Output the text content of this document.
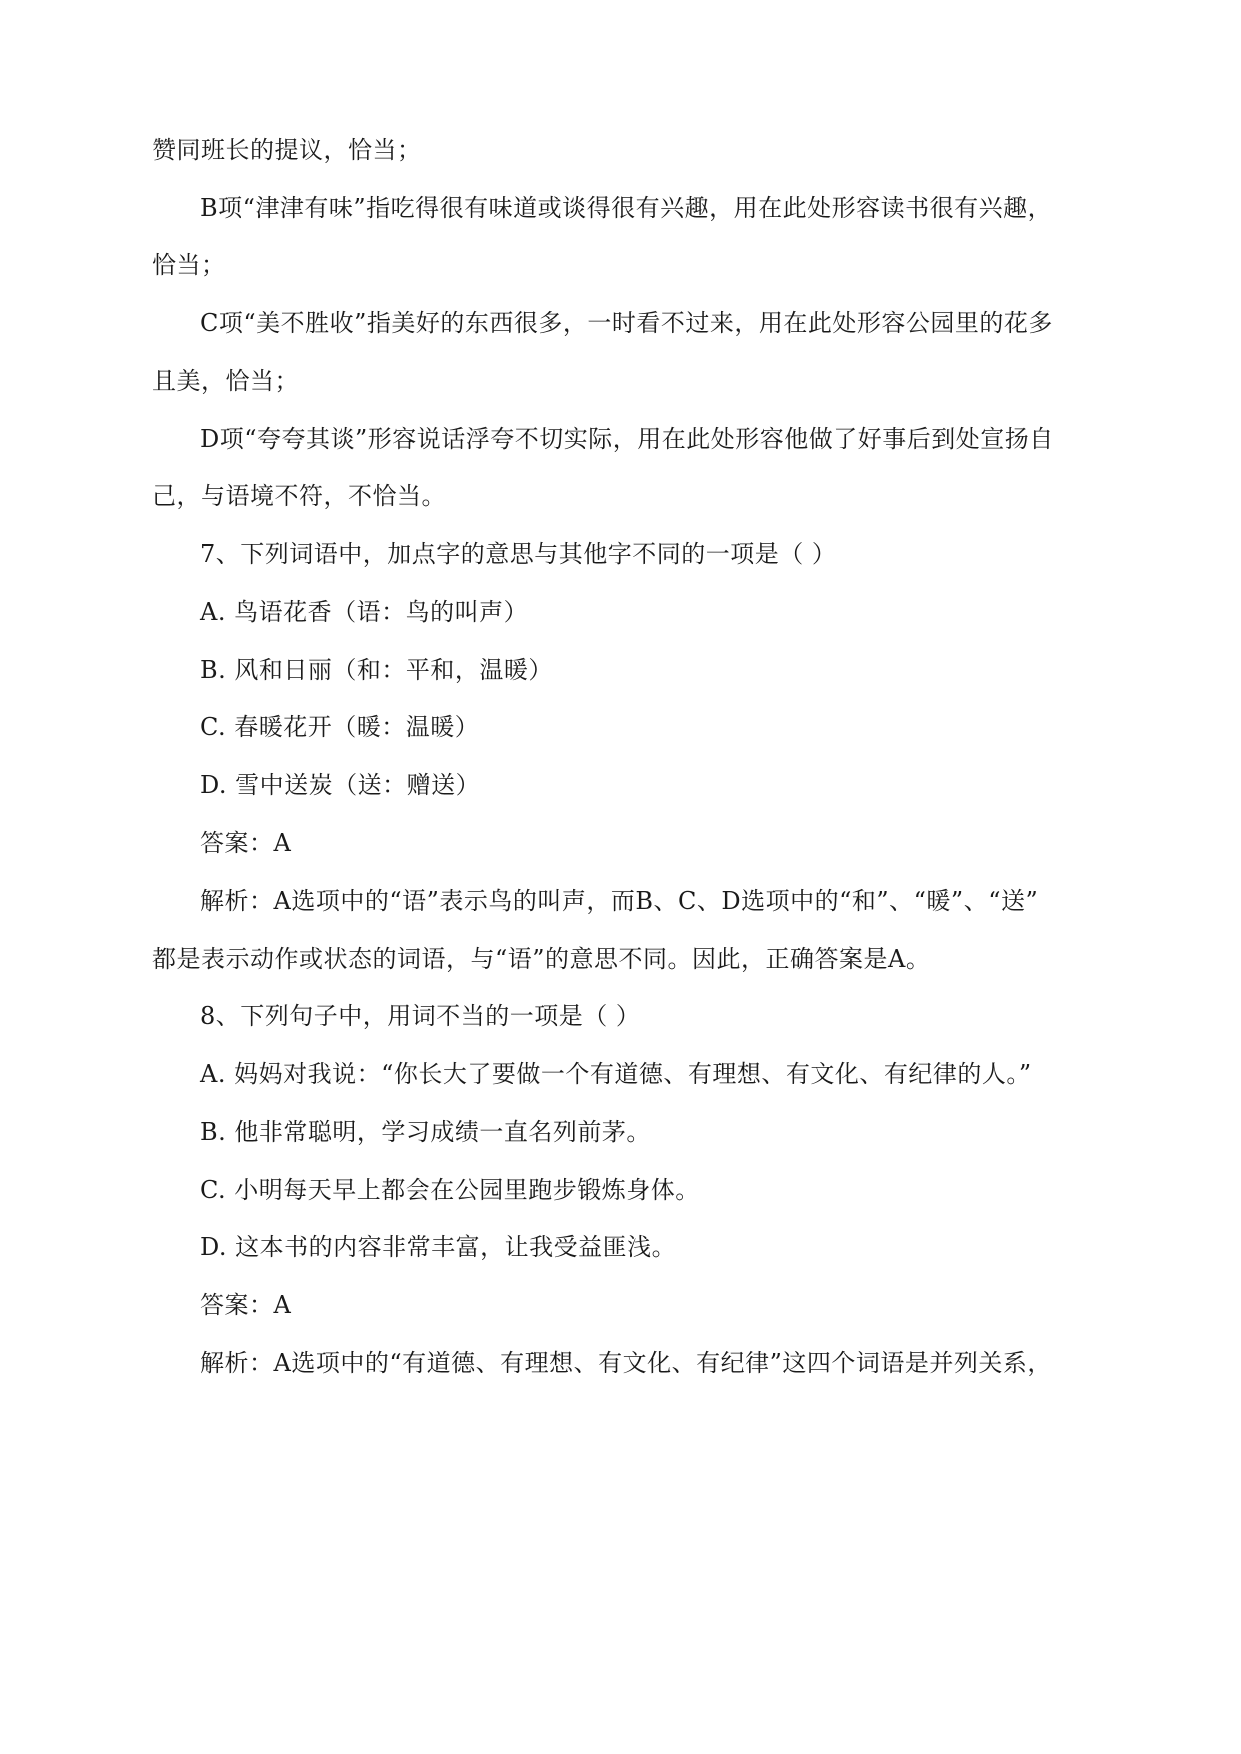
赞同班长的提议，恰当；
B项“津津有味”指吃得很有味道或谈得很有兴趣，用在此处形容读书很有兴趣，
恰当；
C项“美不胜收”指美好的东西很多，一时看不过来，用在此处形容公园里的花多
且美，恰当；
D项“夸夸其谈”形容说话浮夸不切实际，用在此处形容他做了好事后到处宣扬自
己，与语境不符，不恰当。
7、下列词语中，加点字的意思与其他字不同的一项是（ ）
A. 鸟语花香（语：鸟的叫声）
B. 风和日丽（和：平和，温暖）
C. 春暖花开（暖：温暖）
D. 雪中送炭（送：赠送）
答案：A
解析：A选项中的“语”表示鸟的叫声，而B、C、D选项中的“和”、“暖”、“送”
都是表示动作或状态的词语，与“语”的意思不同。因此，正确答案是A。
8、下列句子中，用词不当的一项是（ ）
A. 妈妈对我说：“你长大了要做一个有道德、有理想、有文化、有纪律的人。”
B. 他非常聪明，学习成绩一直名列前茅。
C. 小明每天早上都会在公园里跑步锻炼身体。
D. 这本书的内容非常丰富，让我受益匪浅。
答案：A
解析：A选项中的“有道德、有理想、有文化、有纪律”这四个词语是并列关系，
